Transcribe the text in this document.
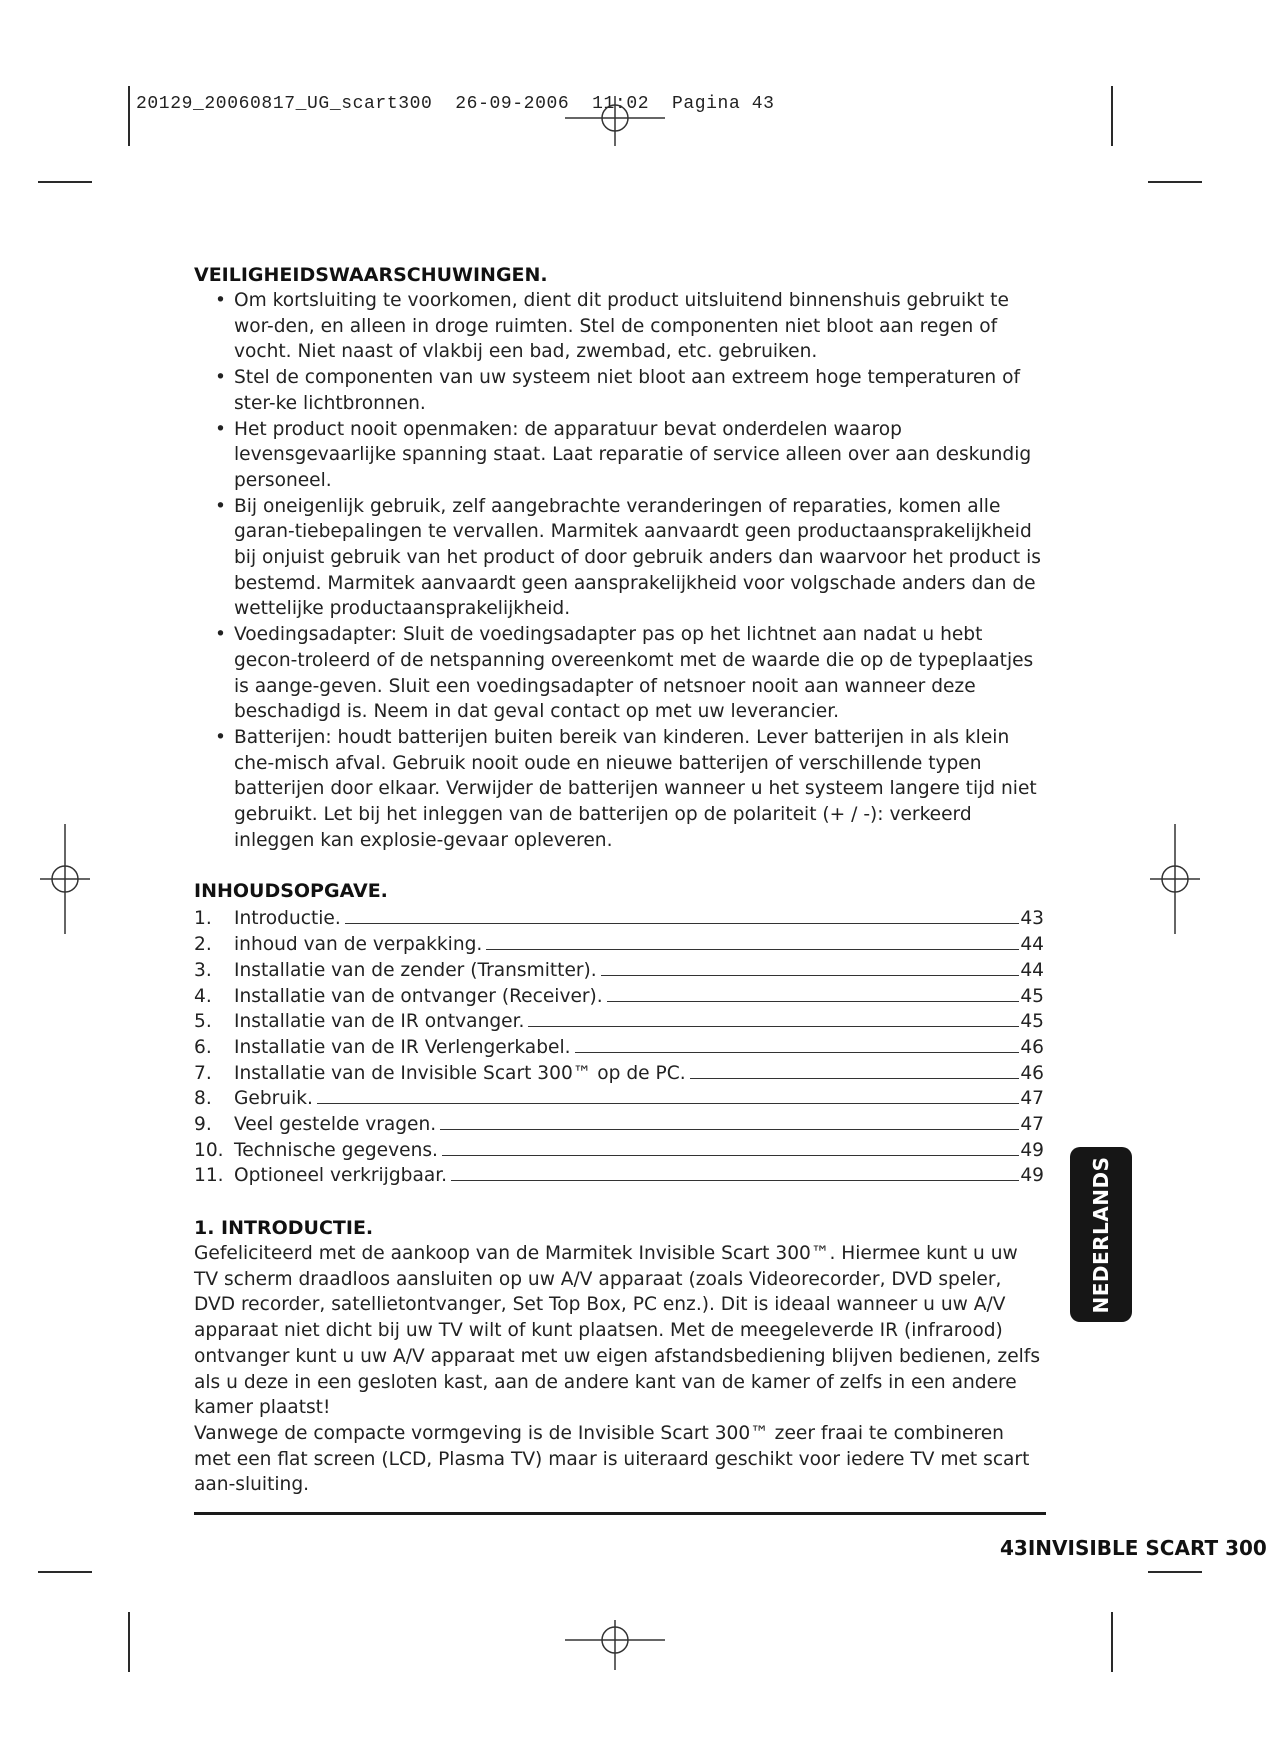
20129_20060817_UG_scart300 26-09-2006 11:02 Pagina 43
VEILIGHEIDSWAARSCHUWINGEN.
• Om kortsluiting te voorkomen, dient dit product uitsluitend binnenshuis gebruikt te wor-den, en alleen in droge ruimten. Stel de componenten niet bloot aan regen of vocht. Niet naast of vlakbij een bad, zwembad, etc. gebruiken.
• Stel de componenten van uw systeem niet bloot aan extreem hoge temperaturen of ster-ke lichtbronnen.
• Het product nooit openmaken: de apparatuur bevat onderdelen waarop levensgevaarlijke spanning staat. Laat reparatie of service alleen over aan deskundig personeel.
• Bij oneigenlijk gebruik, zelf aangebrachte veranderingen of reparaties, komen alle garan-tiebepalingen te vervallen. Marmitek aanvaardt geen productaansprakelijkheid bij onjuist gebruik van het product of door gebruik anders dan waarvoor het product is bestemd. Marmitek aanvaardt geen aansprakelijkheid voor volgschade anders dan de wettelijke productaansprakelijkheid.
• Voedingsadapter: Sluit de voedingsadapter pas op het lichtnet aan nadat u hebt gecon-troleerd of de netspanning overeenkomt met de waarde die op de typeplaatjes is aange-geven. Sluit een voedingsadapter of netsnoer nooit aan wanneer deze beschadigd is. Neem in dat geval contact op met uw leverancier.
• Batterijen: houdt batterijen buiten bereik van kinderen. Lever batterijen in als klein che-misch afval. Gebruik nooit oude en nieuwe batterijen of verschillende typen batterijen door elkaar. Verwijder de batterijen wanneer u het systeem langere tijd niet gebruikt. Let bij het inleggen van de batterijen op de polariteit (+ / -): verkeerd inleggen kan explosie-gevaar opleveren.
INHOUDSOPGAVE.
1.	Introductie.	43
2.	inhoud van de verpakking.	44
3.	Installatie van de zender (Transmitter).	44
4.	Installatie van de ontvanger (Receiver).	45
5.	Installatie van de IR ontvanger.	45
6.	Installatie van de IR Verlengerkabel.	46
7.	Installatie van de Invisible Scart 300™ op de PC.	46
8.	Gebruik.	47
9.	Veel gestelde vragen.	47
10. Technische gegevens.	49
11. Optioneel verkrijgbaar.	49
1. INTRODUCTIE.

Gefeliciteerd met de aankoop van de Marmitek Invisible Scart 300™. Hiermee kunt u uw TV scherm draadloos aansluiten op uw A/V apparaat (zoals Videorecorder, DVD speler, DVD recorder, satellietontvanger, Set Top Box, PC enz.). Dit is ideaal wanneer u uw A/V apparaat niet dicht bij uw TV wilt of kunt plaatsen. Met de meegeleverde IR (infrarood) ontvanger kunt u uw A/V apparaat met uw eigen afstandsbediening blijven bedienen, zelfs als u deze in een gesloten kast, aan de andere kant van de kamer of zelfs in een andere kamer plaatst!

Vanwege de compacte vormgeving is de Invisible Scart 300™ zeer fraai te combineren met een flat screen (LCD, Plasma TV) maar is uiteraard geschikt voor iedere TV met scart aan-sluiting.

NEDERLANDS
43INVISIBLE SCART 300
